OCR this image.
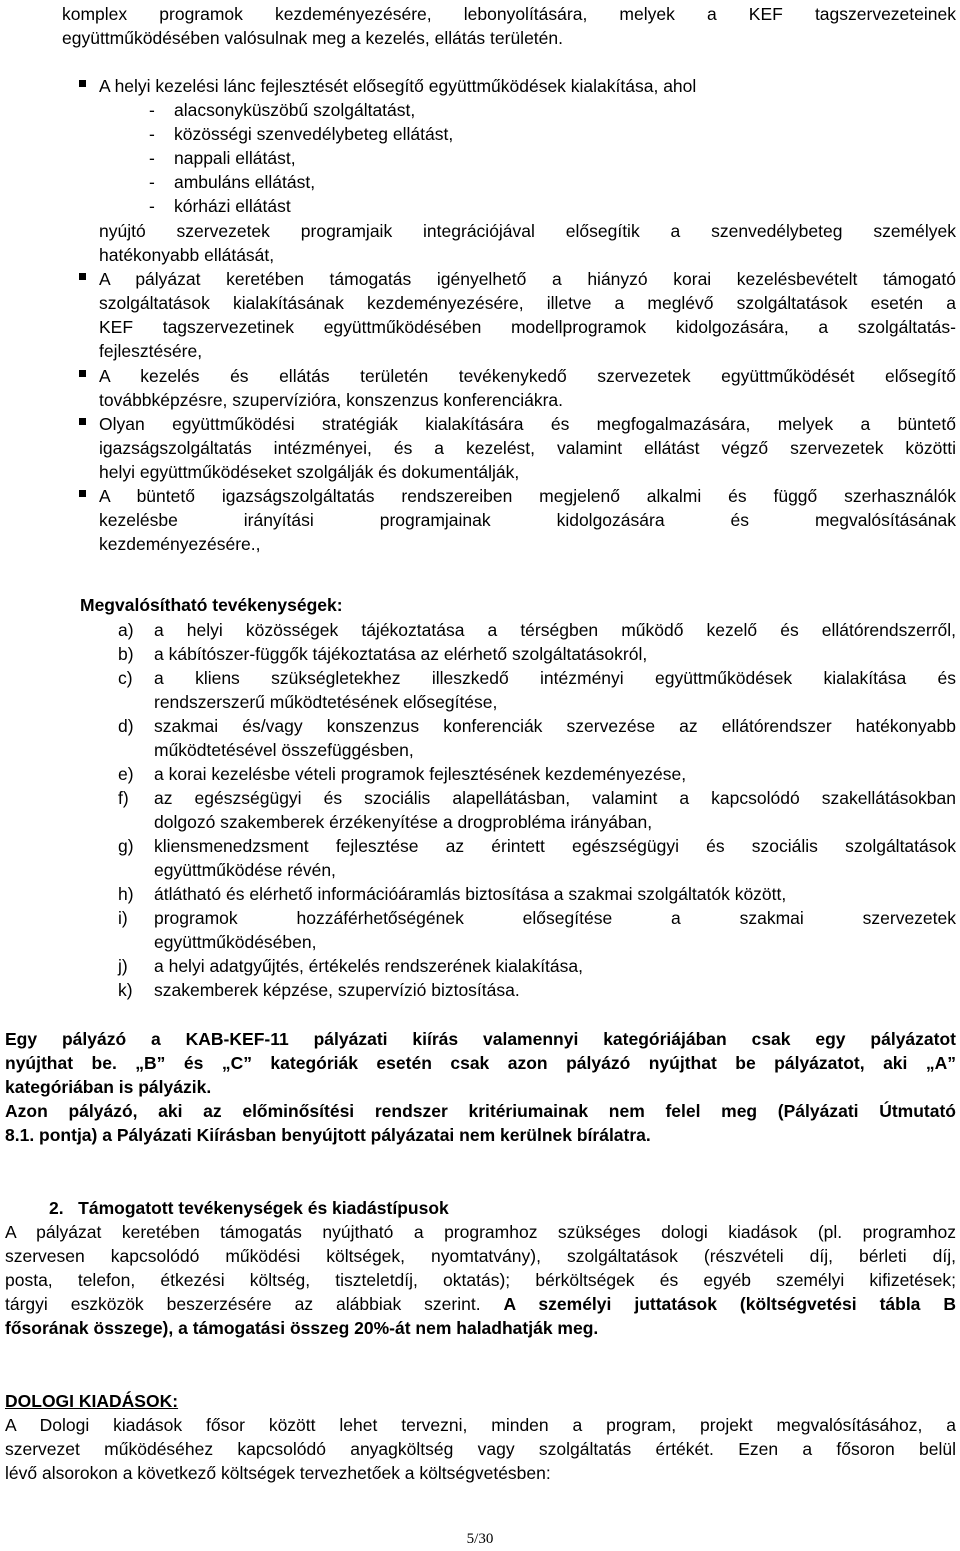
komplex programok kezdeményezésére, lebonyolítására, melyek a KEF tagszervezeteinek
együttműködésében valósulnak meg a kezelés, ellátás területén.
A helyi kezelési lánc fejlesztését elősegítő együttműködések kialakítása, ahol
- alacsonyküszöbű szolgáltatást,
- közösségi szenvedélybeteg ellátást,
- nappali ellátást,
- ambuláns ellátást,
- kórházi ellátást
nyújtó szervezetek programjaik integrációjával elősegítik a szenvedélybeteg személyek
hatékonyabb ellátását,
A pályázat keretében támogatás igényelhető a hiányzó korai kezelésbevételt támogató
szolgáltatások kialakításának kezdeményezésére, illetve a meglévő szolgáltatások esetén a
KEF tagszervezetinek együttműködésében modellprogramok kidolgozására, a szolgáltatás-
fejlesztésére,
A kezelés és ellátás területén tevékenykedő szervezetek együttműködését elősegítő
továbbképzésre, szupervízióra, konszenzus konferenciákra.
Olyan együttműködési stratégiák kialakítására és megfogalmazására, melyek a büntető
igazságszolgáltatás intézményei, és a kezelést, valamint ellátást végző szervezetek közötti
helyi együttműködéseket szolgálják és dokumentálják,
A büntető igazságszolgáltatás rendszereiben megjelenő alkalmi és függő szerhasználók
kezelésbe irányítási programjainak kidolgozására és megvalósításának
kezdeményezésére.,
Megvalósítható tevékenységek:
a) a helyi közösségek tájékoztatása a térségben működő kezelő és ellátórendszerről,
b) a kábítószer-függők tájékoztatása az elérhető szolgáltatásokról,
c) a kliens szükségletekhez illeszkedő intézményi együttműködések kialakítása és
rendszerszerű működtetésének elősegítése,
d) szakmai és/vagy konszenzus konferenciák szervezése az ellátórendszer hatékonyabb
működtetésével összefüggésben,
e) a korai kezelésbe vételi programok fejlesztésének kezdeményezése,
f) az egészségügyi és szociális alapellátásban, valamint a kapcsolódó szakellátásokban
dolgozó szakemberek érzékenyítése a drogprobléma irányában,
g) kliensmenedzsment fejlesztése az érintett egészségügyi és szociális szolgáltatások
együttműködése révén,
h) átlátható és elérhető információáramlás biztosítása a szakmai szolgáltatók között,
i) programok hozzáférhetőségének elősegítése a szakmai szervezetek
együttműködésében,
j) a helyi adatgyűjtés, értékelés rendszerének kialakítása,
k) szakemberek képzése, szupervízió biztosítása.
Egy pályázó a KAB-KEF-11 pályázati kiírás valamennyi kategóriájában csak egy pályázatot
nyújthat be. „B” és „C” kategóriák esetén csak azon pályázó nyújthat be pályázatot, aki „A”
kategóriában is pályázik.
Azon pályázó, aki az előminősítési rendszer kritériumainak nem felel meg (Pályázati Útmutató
8.1. pontja) a Pályázati Kiírásban benyújtott pályázatai nem kerülnek bírálatra.
2.   Támogatott tevékenységek és kiadástípusok
A pályázat keretében támogatás nyújtható a programhoz szükséges dologi kiadások (pl. programhoz
szervesen kapcsolódó működési költségek, nyomtatvány), szolgáltatások (részvételi díj, bérleti díj,
posta, telefon, étkezési költség, tiszteletdíj, oktatás); bérköltségek és egyéb személyi kifizetések;
tárgyi eszközök beszerzésére az alábbiak szerint. A személyi juttatások (költségvetési tábla B
fősorának összege), a támogatási összeg 20%-át nem haladhatják meg.
DOLOGI KIADÁSOK:
A Dologi kiadások fősor között lehet tervezni, minden a program, projekt megvalósításához, a
szervezet működéséhez kapcsolódó anyagköltség vagy szolgáltatás értékét. Ezen a fősoron belül
lévő alsorokon a következő költségek tervezhetőek a költségvetésben:
5/30
